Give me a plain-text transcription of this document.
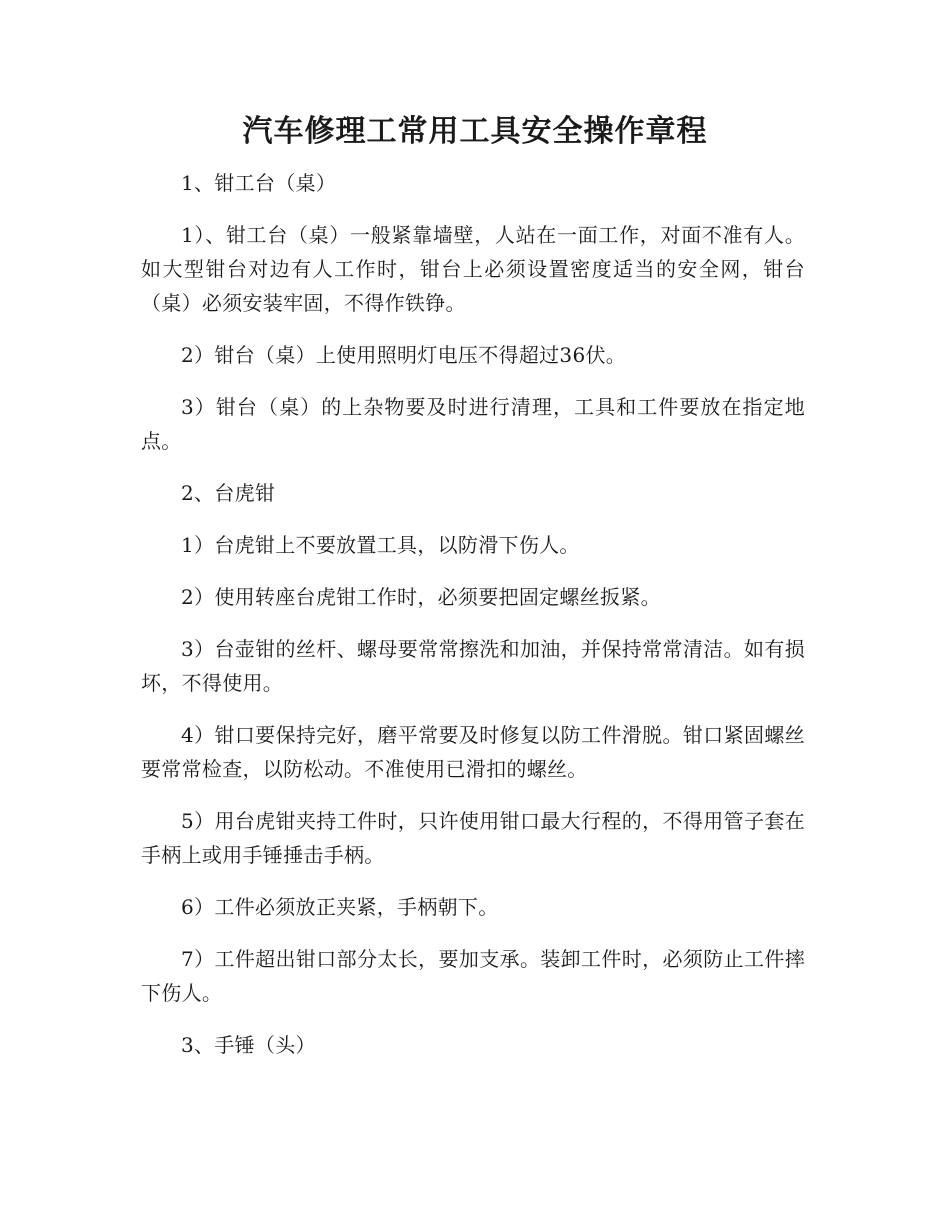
汽车修理工常用工具安全操作章程

1、钳工台（桌）

1）、钳工台（桌）一般紧靠墙壁，人站在一面工作，对面不准有人。如大型钳台对边有人工作时，钳台上必须设置密度适当的安全网，钳台（桌）必须安装牢固，不得作铁铮。

2）钳台（桌）上使用照明灯电压不得超过36伏。

3）钳台（桌）的上杂物要及时进行清理，工具和工件要放在指定地点。

2、台虎钳

1）台虎钳上不要放置工具，以防滑下伤人。

2）使用转座台虎钳工作时，必须要把固定螺丝扳紧。

3）台壶钳的丝杆、螺母要常常擦洗和加油，并保持常常清洁。如有损坏，不得使用。

4）钳口要保持完好，磨平常要及时修复以防工件滑脱。钳口紧固螺丝要常常检查，以防松动。不准使用已滑扣的螺丝。

5）用台虎钳夹持工件时，只许使用钳口最大行程的，不得用管子套在手柄上或用手锤捶击手柄。

6）工件必须放正夹紧，手柄朝下。

7）工件超出钳口部分太长，要加支承。装卸工件时，必须防止工件摔下伤人。

3、手锤（头）
